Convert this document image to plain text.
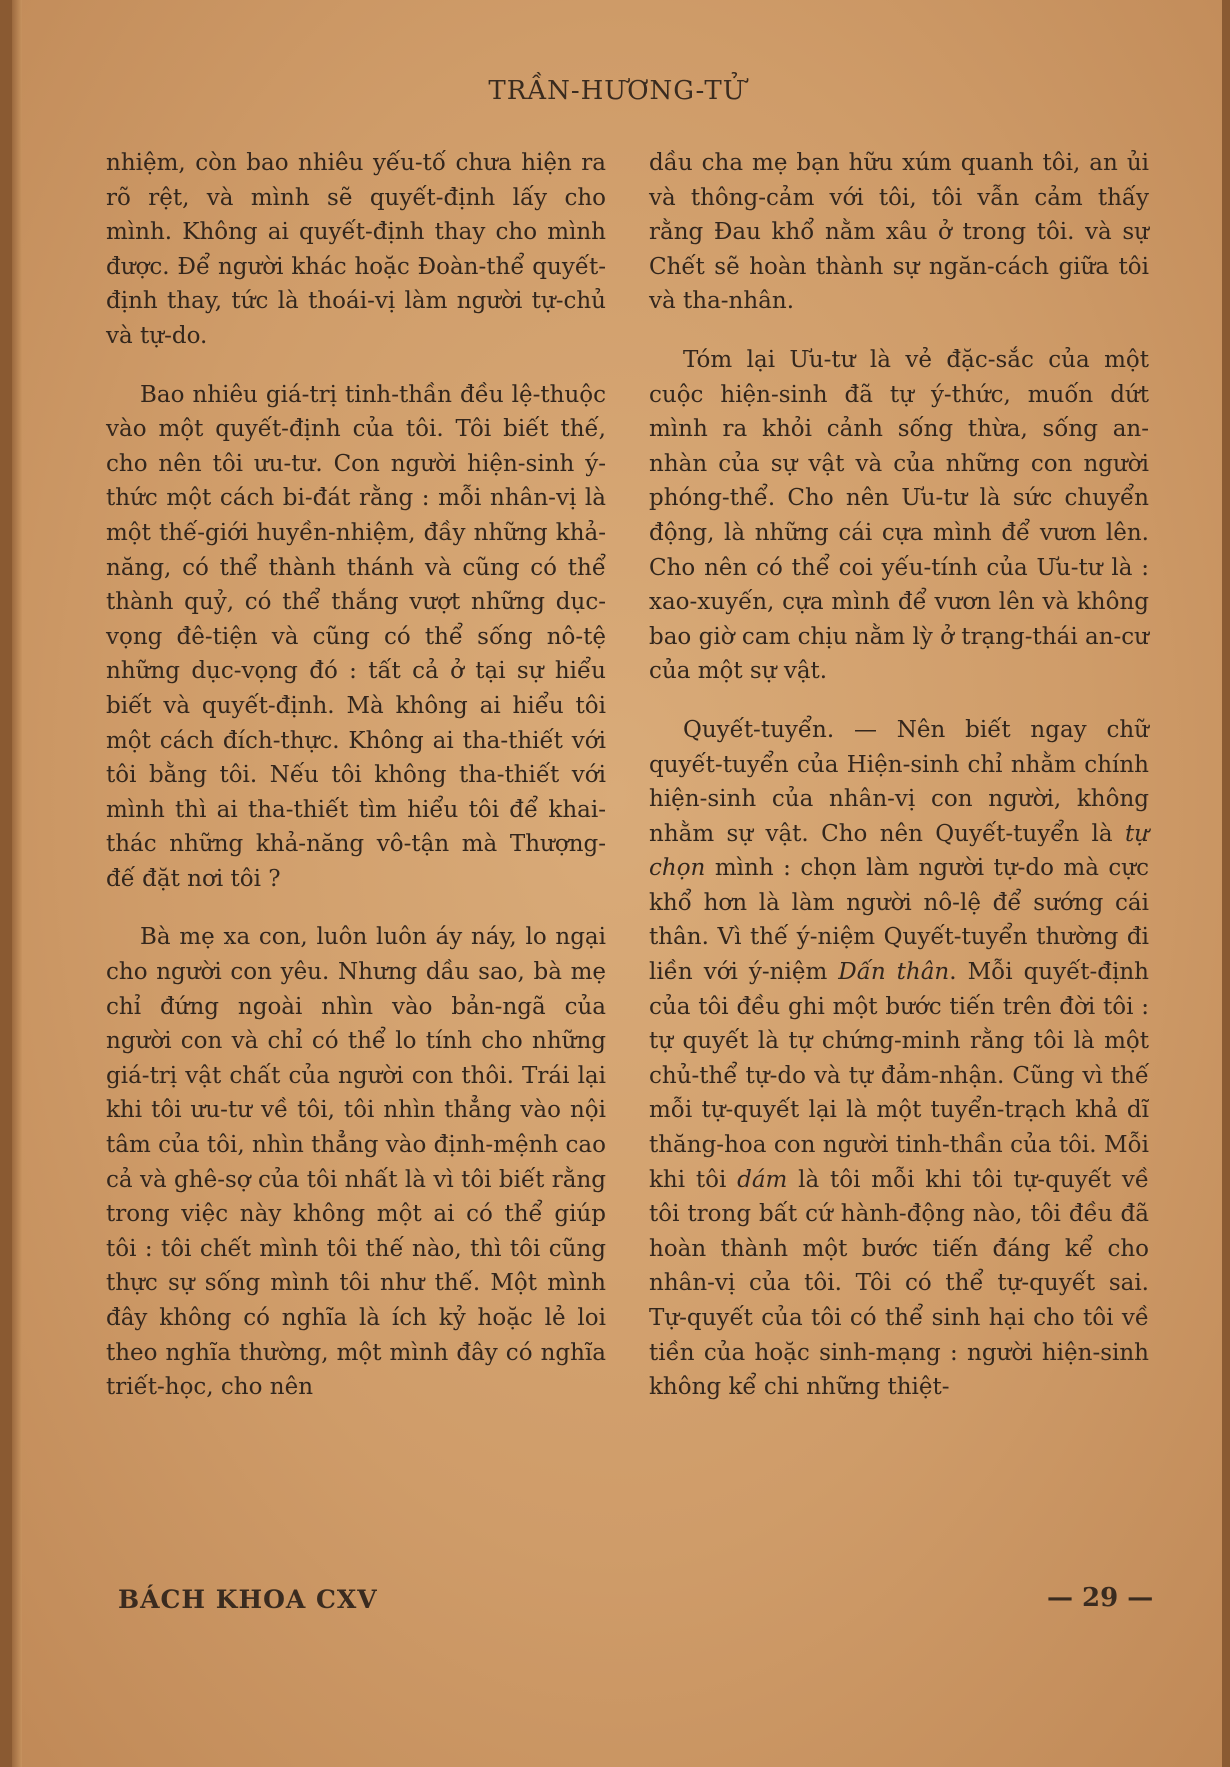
TRẦN-HƯƠNG-TỬ

nhiệm, còn bao nhiêu yếu-tố chưa hiện ra rõ rệt, và mình sẽ quyết-định lấy cho mình. Không ai quyết-định thay cho mình được. Để người khác hoặc Đoàn-thể quyết-định thay, tức là thoái-vị làm người tự-chủ và tự-do.

Bao nhiêu giá-trị tinh-thần đều lệ-thuộc vào một quyết-định của tôi. Tôi biết thế, cho nên tôi ưu-tư. Con người hiện-sinh ý-thức một cách bi-đát rằng : mỗi nhân-vị là một thế-giới huyền-nhiệm, đầy những khả-năng, có thể thành thánh và cũng có thể thành quỷ, có thể thắng vượt những dục-vọng đê-tiện và cũng có thể sống nô-tệ những dục-vọng đó : tất cả ở tại sự hiểu biết và quyết-định. Mà không ai hiểu tôi một cách đích-thực. Không ai tha-thiết với tôi bằng tôi. Nếu tôi không tha-thiết với mình thì ai tha-thiết tìm hiểu tôi để khai-thác những khả-năng vô-tận mà Thượng-đế đặt nơi tôi ?

Bà mẹ xa con, luôn luôn áy náy, lo ngại cho người con yêu. Nhưng dầu sao, bà mẹ chỉ đứng ngoài nhìn vào bản-ngã của người con và chỉ có thể lo tính cho những giá-trị vật chất của người con thôi. Trái lại khi tôi ưu-tư về tôi, tôi nhìn thẳng vào nội tâm của tôi, nhìn thẳng vào định-mệnh cao cả và ghê-sợ của tôi nhất là vì tôi biết rằng trong việc này không một ai có thể giúp tôi : tôi chết mình tôi thế nào, thì tôi cũng thực sự sống mình tôi như thế. Một mình đây không có nghĩa là ích kỷ hoặc lẻ loi theo nghĩa thường, một mình đây có nghĩa triết-học, cho nên

dầu cha mẹ bạn hữu xúm quanh tôi, an ủi và thông-cảm với tôi, tôi vẫn cảm thấy rằng Đau khổ nằm xâu ở trong tôi. và sự Chết sẽ hoàn thành sự ngăn-cách giữa tôi và tha-nhân.

Tóm lại Ưu-tư là vẻ đặc-sắc của một cuộc hiện-sinh đã tự ý-thức, muốn dứt mình ra khỏi cảnh sống thừa, sống an-nhàn của sự vật và của những con người phóng-thể. Cho nên Ưu-tư là sức chuyển động, là những cái cựa mình để vươn lên. Cho nên có thể coi yếu-tính của Ưu-tư là : xao-xuyến, cựa mình để vươn lên và không bao giờ cam chịu nằm lỳ ở trạng-thái an-cư của một sự vật.

Quyết-tuyển. — Nên biết ngay chữ quyết-tuyển của Hiện-sinh chỉ nhằm chính hiện-sinh của nhân-vị con người, không nhằm sự vật. Cho nên Quyết-tuyển là tự chọn mình : chọn làm người tự-do mà cực khổ hơn là làm người nô-lệ để sướng cái thân. Vì thế ý-niệm Quyết-tuyển thường đi liền với ý-niệm Dấn thân. Mỗi quyết-định của tôi đều ghi một bước tiến trên đời tôi : tự quyết là tự chứng-minh rằng tôi là một chủ-thể tự-do và tự đảm-nhận. Cũng vì thế mỗi tự-quyết lại là một tuyển-trạch khả dĩ thăng-hoa con người tinh-thần của tôi. Mỗi khi tôi dám là tôi mỗi khi tôi tự-quyết về tôi trong bất cứ hành-động nào, tôi đều đã hoàn thành một bước tiến đáng kể cho nhân-vị của tôi. Tôi có thể tự-quyết sai. Tự-quyết của tôi có thể sinh hại cho tôi về tiền của hoặc sinh-mạng : người hiện-sinh không kể chi những thiệt-

BÁCH KHOA CXV	— 29 —
